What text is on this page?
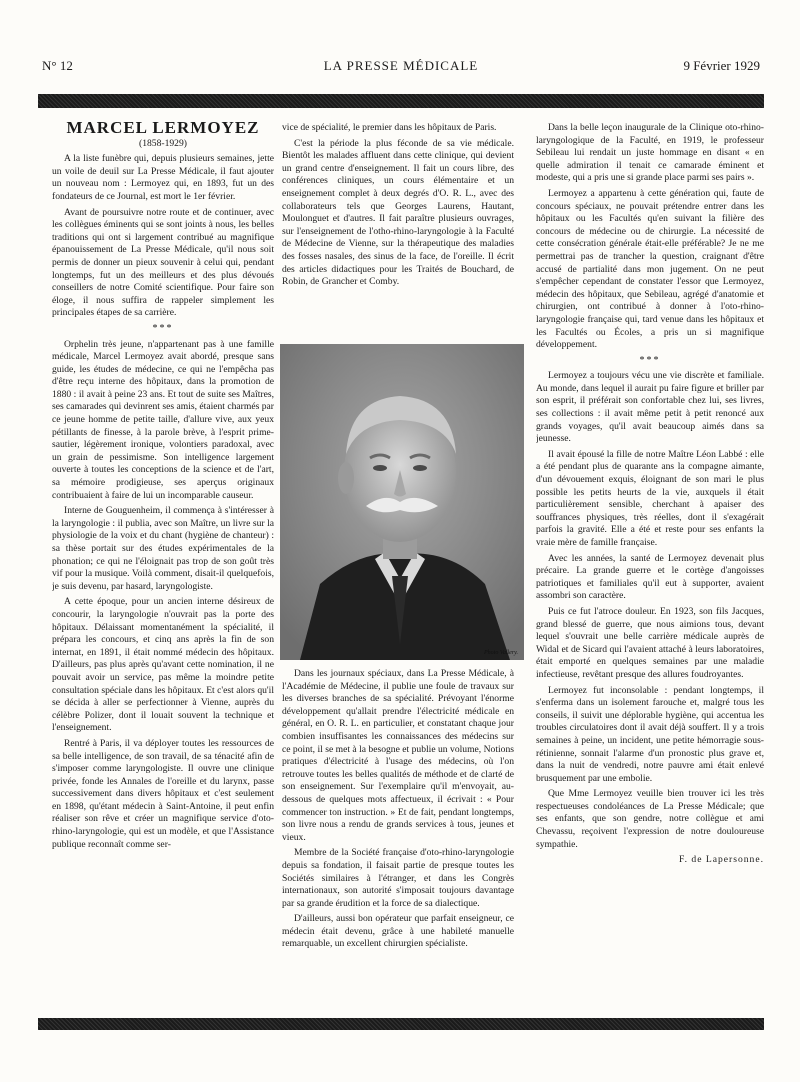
N° 12	LA PRESSE MÉDICALE	9 Février 1929

MARCEL LERMOYEZ

(1858-1929)

A la liste funèbre qui, depuis plusieurs semaines, jette un voile de deuil sur La Presse Médicale, il faut ajouter un nouveau nom : Lermoyez qui, en 1893, fut un des fondateurs de ce Journal, est mort le 1er février.

Avant de poursuivre notre route et de continuer, avec les collègues éminents qui se sont joints à nous, les belles traditions qui ont si largement contribué au magnifique épanouissement de La Presse Médicale, qu'il nous soit permis de donner un pieux souvenir à celui qui, pendant longtemps, fut un des meilleurs et des plus dévoués conseillers de notre Comité scientifique. Pour faire son éloge, il nous suffira de rappeler simplement les principales étapes de sa carrière.

***

Orphelin très jeune, n'appartenant pas à une famille médicale, Marcel Lermoyez avait abordé, presque sans guide, les études de médecine, ce qui ne l'empêcha pas d'être reçu interne des hôpitaux, dans la promotion de 1880 : il avait à peine 23 ans. Et tout de suite ses Maîtres, ses camarades qui devinrent ses amis, étaient charmés par ce jeune homme de petite taille, d'allure vive, aux yeux pétillants de finesse, à la parole brève, à l'esprit prime-sautier, légèrement ironique, volontiers paradoxal, avec un grain de pessimisme. Son intelligence largement ouverte à toutes les conceptions de la science et de l'art, sa mémoire prodigieuse, ses aperçus originaux contribuaient à faire de lui un incomparable causeur.

Interne de Gouguenheim, il commença à s'intéresser à la laryngologie : il publia, avec son Maître, un livre sur la physiologie de la voix et du chant (hygiène de chanteur) : sa thèse portait sur des études expérimentales de la phonation; ce qui ne l'éloignait pas trop de son goût très vif pour la musique. Voilà comment, disait-il quelquefois, je suis devenu, par hasard, laryngologiste.

A cette époque, pour un ancien interne désireux de concourir, la laryngologie n'ouvrait pas la porte des hôpitaux. Délaissant momentanément la spécialité, il prépara les concours, et cinq ans après la fin de son internat, en 1891, il était nommé médecin des hôpitaux. D'ailleurs, pas plus après qu'avant cette nomination, il ne pouvait avoir un service, pas même la moindre petite consultation spéciale dans les hôpitaux. Et c'est alors qu'il se décida à aller se perfectionner à Vienne, auprès du célèbre Polizer, dont il louait souvent la technique et l'enseignement.

Rentré à Paris, il va déployer toutes les ressources de sa belle intelligence, de son travail, de sa ténacité afin de s'imposer comme laryngologiste. Il ouvre une clinique privée, fonde les Annales de l'oreille et du larynx, passe successivement dans divers hôpitaux et c'est seulement en 1898, qu'étant médecin à Saint-Antoine, il peut enfin réaliser son rêve et créer un magnifique service d'oto-rhino-laryngologie, qui est un modèle, et que l'Assistance publique reconnaît comme ser-

vice de spécialité, le premier dans les hôpitaux de Paris.

C'est la période la plus féconde de sa vie médicale. Bientôt les malades affluent dans cette clinique, qui devient un grand centre d'enseignement. Il fait un cours libre, des conférences cliniques, un cours élémentaire et un enseignement complet à deux degrés d'O. R. L., avec des collaborateurs tels que Georges Laurens, Hautant, Moulonguet et d'autres. Il fait paraître plusieurs ouvrages, sur l'enseignement de l'otho-rhino-laryngologie à la Faculté de Médecine de Vienne, sur la thérapeutique des maladies des fosses nasales, des sinus de la face, de l'oreille. Il écrit des articles didactiques pour les Traités de Bouchard, de Robin, de Grancher et Comby.

Photo Vallery.

Dans les journaux spéciaux, dans La Presse Médicale, à l'Académie de Médecine, il publie une foule de travaux sur les diverses branches de sa spécialité. Prévoyant l'énorme développement qu'allait prendre l'électricité médicale en général, en O. R. L. en particulier, et constatant chaque jour combien insuffisantes les connaissances des médecins sur ce point, il se met à la besogne et publie un volume, Notions pratiques d'électricité à l'usage des médecins, où l'on retrouve toutes les belles qualités de méthode et de clarté de son enseignement. Sur l'exemplaire qu'il m'envoyait, au-dessous de quelques mots affectueux, il écrivait : « Pour commencer ton instruction. » Et de fait, pendant longtemps, son livre nous a rendu de grands services à tous, jeunes et vieux.

Membre de la Société française d'oto-rhino-laryngologie depuis sa fondation, il faisait partie de presque toutes les Sociétés similaires à l'étranger, et dans les Congrès internationaux, son autorité s'imposait toujours davantage par sa grande érudition et la force de sa dialectique.

D'ailleurs, aussi bon opérateur que parfait enseigneur, ce médecin était devenu, grâce à une habileté manuelle remarquable, un excellent chirurgien spécialiste.

Dans la belle leçon inaugurale de la Clinique oto-rhino-laryngologique de la Faculté, en 1919, le professeur Sebileau lui rendait un juste hommage en disant « en quelle admiration il tenait ce camarade éminent et modeste, qui a pris une si grande place parmi ses pairs ».

Lermoyez a appartenu à cette génération qui, faute de concours spéciaux, ne pouvait prétendre entrer dans les hôpitaux ou les Facultés qu'en suivant la filière des concours de médecine ou de chirurgie. La nécessité de cette consécration générale était-elle préférable? Je ne me permettrai pas de trancher la question, craignant d'être accusé de partialité dans mon jugement. On ne peut s'empêcher cependant de constater l'essor que Lermoyez, médecin des hôpitaux, que Sebileau, agrégé d'anatomie et chirurgien, ont contribué à donner à l'oto-rhino-laryngologie française qui, tard venue dans les hôpitaux et les Facultés ou Écoles, a pris un si magnifique développement.

***

Lermoyez a toujours vécu une vie discrète et familiale. Au monde, dans lequel il aurait pu faire figure et briller par son esprit, il préférait son confortable chez lui, ses livres, ses collections : il avait même petit à petit renoncé aux grands voyages, qu'il avait beaucoup aimés dans sa jeunesse.

Il avait épousé la fille de notre Maître Léon Labbé : elle a été pendant plus de quarante ans la compagne aimante, d'un dévouement exquis, éloignant de son mari le plus possible les petits heurts de la vie, auxquels il était particulièrement sensible, cherchant à apaiser des souffrances physiques, très réelles, dont il s'exagérait parfois la gravité. Elle a été et reste pour ses enfants la vraie mère de famille française.

Avec les années, la santé de Lermoyez devenait plus précaire. La grande guerre et le cortège d'angoisses patriotiques et familiales qu'il eut à supporter, avaient assombri son caractère.

Puis ce fut l'atroce douleur. En 1923, son fils Jacques, grand blessé de guerre, que nous aimions tous, devant lequel s'ouvrait une belle carrière médicale auprès de Widal et de Sicard qui l'avaient attaché à leurs laboratoires, était emporté en quelques semaines par une maladie infectieuse, revêtant presque des allures foudroyantes.

Lermoyez fut inconsolable : pendant longtemps, il s'enferma dans un isolement farouche et, malgré tous les conseils, il suivit une déplorable hygiène, qui accentua les troubles circulatoires dont il avait déjà souffert. Il y a trois semaines à peine, un incident, une petite hémorragie sous-rétinienne, sonnait l'alarme d'un pronostic plus grave et, dans la nuit de vendredi, notre pauvre ami était enlevé brusquement par une embolie.

Que Mme Lermoyez veuille bien trouver ici les très respectueuses condoléances de La Presse Médicale; que ses enfants, que son gendre, notre collègue et ami Chevassu, reçoivent l'expression de notre douloureuse sympathie.

F. de Lapersonne.
